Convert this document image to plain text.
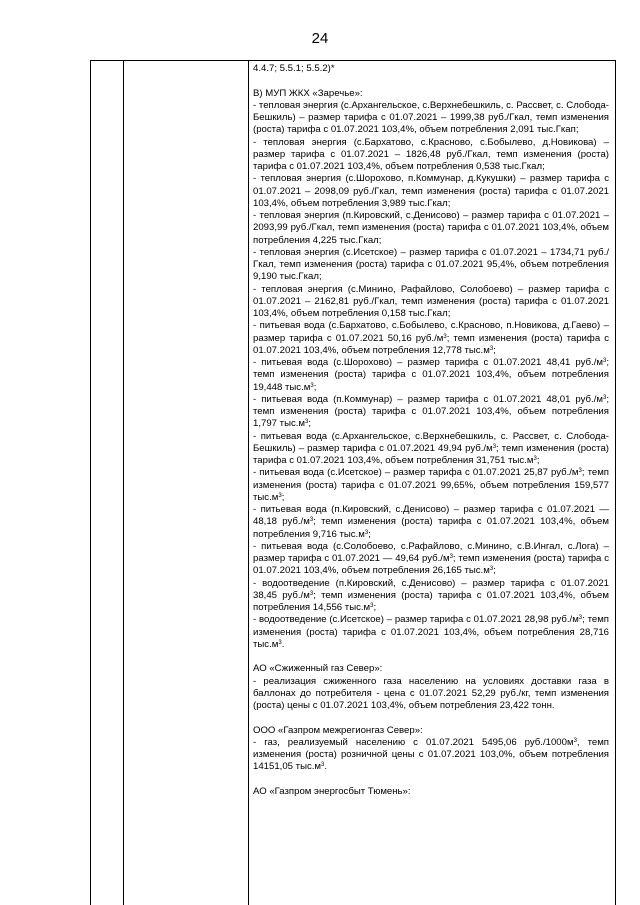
24

4.4.7; 5.5.1; 5.5.2)*

В) МУП ЖКХ «Заречье»:

- тепловая энергия (с.Архангельское, с.Верхнебешкиль, с. Рассвет, с. Слобода-Бешкиль) – размер тарифа с 01.07.2021 – 1999,38 руб./Гкал, темп изменения (роста) тарифа с 01.07.2021 103,4%, объем потребления 2,091 тыс.Гкап;

- тепловая энергия (с.Бархатово, с.Красново, с.Бобылево, д.Новикова) – размер тарифа с 01.07.2021 – 1826,48 руб./Гкал, темп изменения (роста) тарифа с 01.07.2021 103,4%, объем потребления 0,538 тыс.Гкал;

- тепловая энергия (с.Шорохово, п.Коммунар, д.Кукушки) – размер тарифа с 01.07.2021 – 2098,09 руб./Гкал, темп изменения (роста) тарифа с 01.07.2021 103,4%, объем потребления 3,989 тыс.Гкал;

- тепловая энергия (п.Кировский, с.Денисово) – размер тарифа с 01.07.2021 – 2093,99 руб./Гкал, темп изменения (роста) тарифа с 01.07.2021 103,4%, объем потребления 4,225 тыс.Гкал;

- тепловая энергия (с.Исетское) – размер тарифа с 01.07.2021 – 1734,71 руб./Гкал, темп изменения (роста) тарифа с 01.07.2021 95,4%, объем потребления 9,190 тыс.Гкал;

- тепловая энергия (с.Минино, Рафайлово, Солобоево) – размер тарифа с 01.07.2021 – 2162,81 руб./Гкал, темп изменения (роста) тарифа с 01.07.2021 103,4%, объем потребления 0,158 тыс.Гкал;

- питьевая вода (с.Бархатово, с.Бобылево, с.Красново, п.Новикова, д.Гаево) – размер тарифа с 01.07.2021 50,16 $руб./м^3$; темп изменения (роста) тарифа с 01.07.2021 103,4%, объем потребления 12,778 $тыс.м^3$;

- питьевая вода (с.Шорохово) – размер тарифа с 01.07.2021 48,41 $руб./м^3$; темп изменения (роста) тарифа с 01.07.2021 103,4%, объем потребления 19,448 $тыс.м^3$;

- питьевая вода (п.Коммунар) – размер тарифа с 01.07.2021 48,01 $руб./м^3$; темп изменения (роста) тарифа с 01.07.2021 103,4%, объем потребления 1,797 $тыс.м^3$;

- питьевая вода (с.Архангельское, с.Верхнебешкиль, с. Рассвет, с. Слобода-Бешкиль) – размер тарифа с 01.07.2021 49,94 $руб./м^3$; темп изменения (роста) тарифа с 01.07.2021 103,4%, объем потребления 31,751 $тыс.м^3$;

- питьевая вода (с.Исетское) – размер тарифа с 01.07.2021 25,87 $руб./м^3$; темп изменения (роста) тарифа с 01.07.2021 99,65%, объем потребления 159,577 $тыс.м^3$;

- питьевая вода (п.Кировский, с.Денисово) – размер тарифа с 01.07.2021 — 48,18 $руб./м^3$; темп изменения (роста) тарифа с 01.07.2021 103,4%, объем потребления 9,716 $тыс.м^3$;

- питьевая вода (с.Солобоево, с.Рафайлово, с.Минино, с.В.Ингал, с.Лога) – размер тарифа с 01.07.2021 — 49,64 $руб./м^3$; темп изменения (роста) тарифа с 01.07.2021 103,4%, объем потребления 26,165 $тыс.м^3$;

- водоотведение (п.Кировский, с.Денисово) – размер тарифа с 01.07.2021 38,45 $руб./м^3$; темп изменения (роста) тарифа с 01.07.2021 103,4%, объем потребления 14,556 $тыс.м^3$;

- водоотведение (с.Исетское) – размер тарифа с 01.07.2021 28,98 $руб./м^3$; темп изменения (роста) тарифа с 01.07.2021 103,4%, объем потребления 28,716 $тыс.м^3$.

АО «Сжиженный газ Север»:

- реализация сжиженного газа населению на условиях доставки газа в баллонах до потребителя - цена с 01.07.2021 52,29 руб./кг, темп изменения (роста) цены с 01.07.2021 103,4%, объем потребления 23,422 тонн.

ООО «Газпром межрегионгаз Север»:

- газ, реализуемый населению с 01.07.2021 5495,06 $руб./1000м^3$, темп изменения (роста) розничной цены с 01.07.2021 103,0%, объем потребления 14151,05 $тыс.м^3$.

АО «Газпром энергосбыт Тюмень»:
